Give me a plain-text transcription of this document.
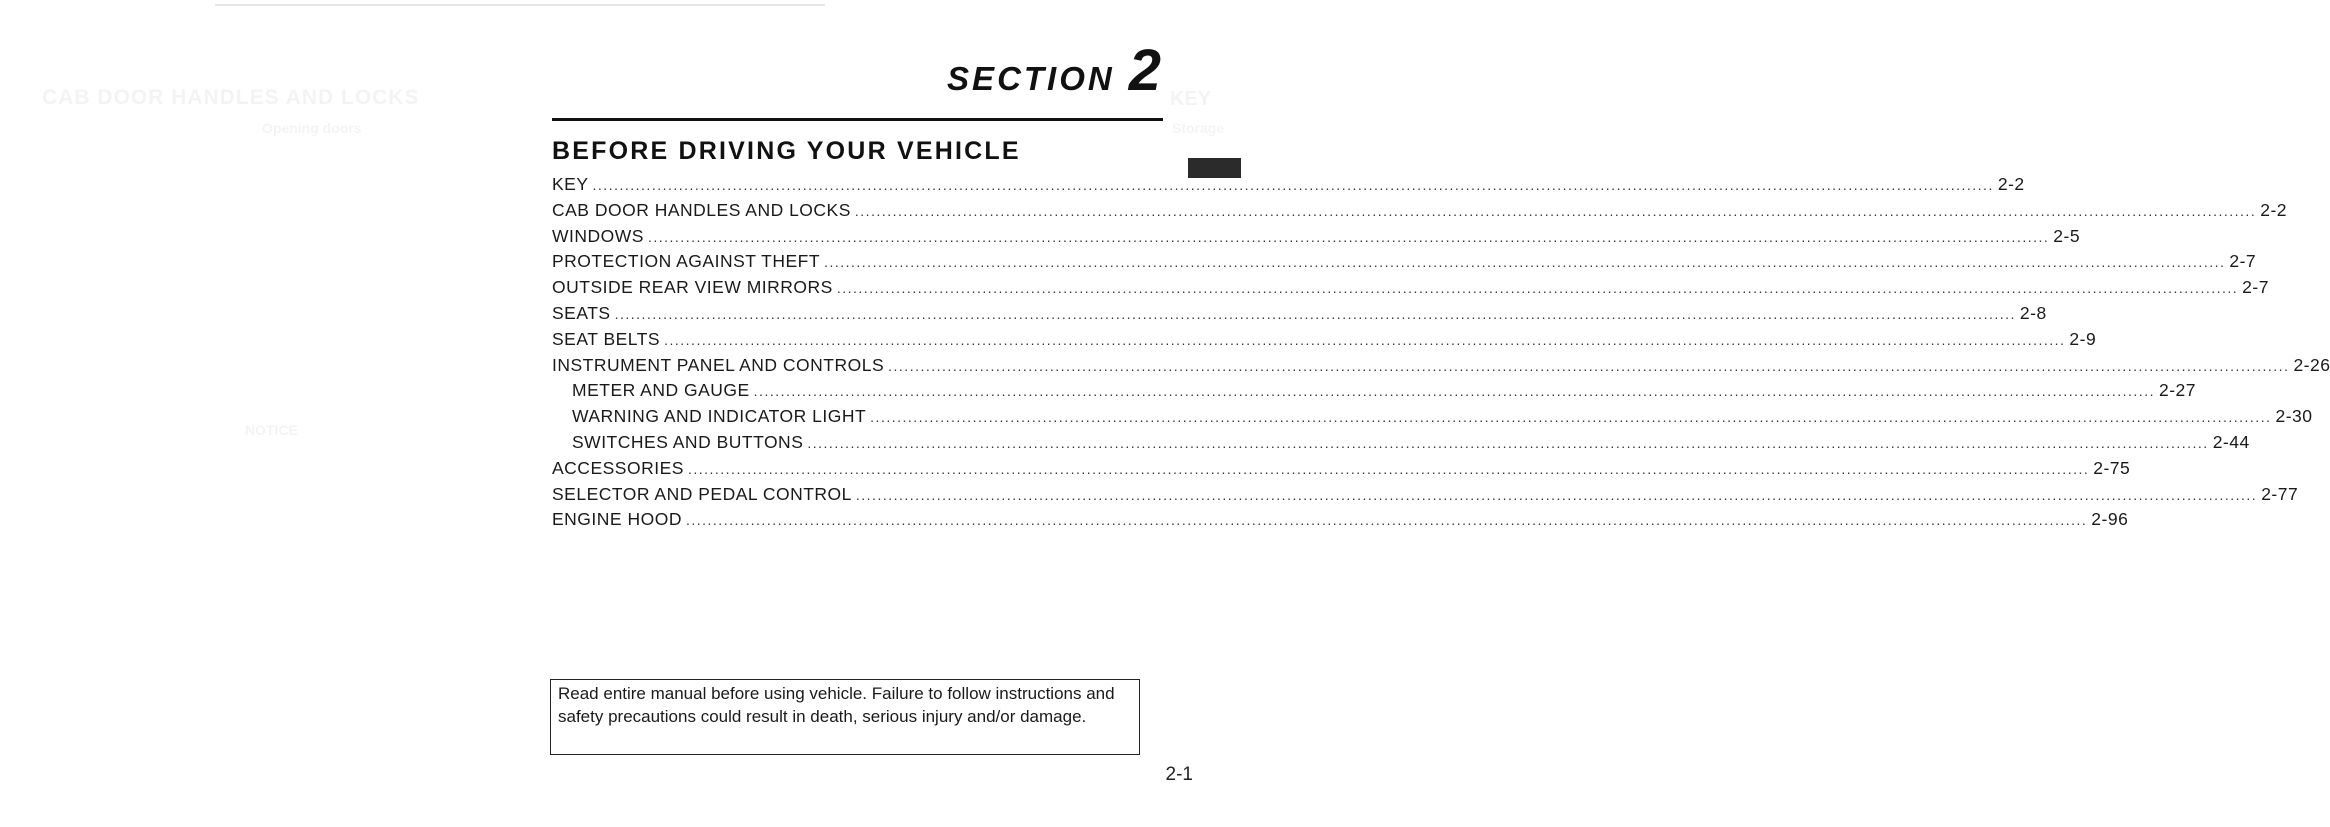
SECTION 2
BEFORE DRIVING YOUR VEHICLE
KEY .................................................................................................................................................................................................................................................................... 2-2
CAB DOOR HANDLES AND LOCKS .................................................................................................................................................................................................................................................................... 2-2
WINDOWS .................................................................................................................................................................................................................................................................... 2-5
PROTECTION AGAINST THEFT .................................................................................................................................................................................................................................................................... 2-7
OUTSIDE REAR VIEW MIRRORS .................................................................................................................................................................................................................................................................... 2-7
SEATS .................................................................................................................................................................................................................................................................... 2-8
SEAT BELTS .................................................................................................................................................................................................................................................................... 2-9
INSTRUMENT PANEL AND CONTROLS .................................................................................................................................................................................................................................................................... 2-26
METER AND GAUGE .................................................................................................................................................................................................................................................................... 2-27
WARNING AND INDICATOR LIGHT .................................................................................................................................................................................................................................................................... 2-30
SWITCHES AND BUTTONS .................................................................................................................................................................................................................................................................... 2-44
ACCESSORIES .................................................................................................................................................................................................................................................................... 2-75
SELECTOR AND PEDAL CONTROL .................................................................................................................................................................................................................................................................... 2-77
ENGINE HOOD .................................................................................................................................................................................................................................................................... 2-96
Read entire manual before using vehicle. Failure to follow instructions and safety precautions could result in death, serious injury and/or damage.
2-1
